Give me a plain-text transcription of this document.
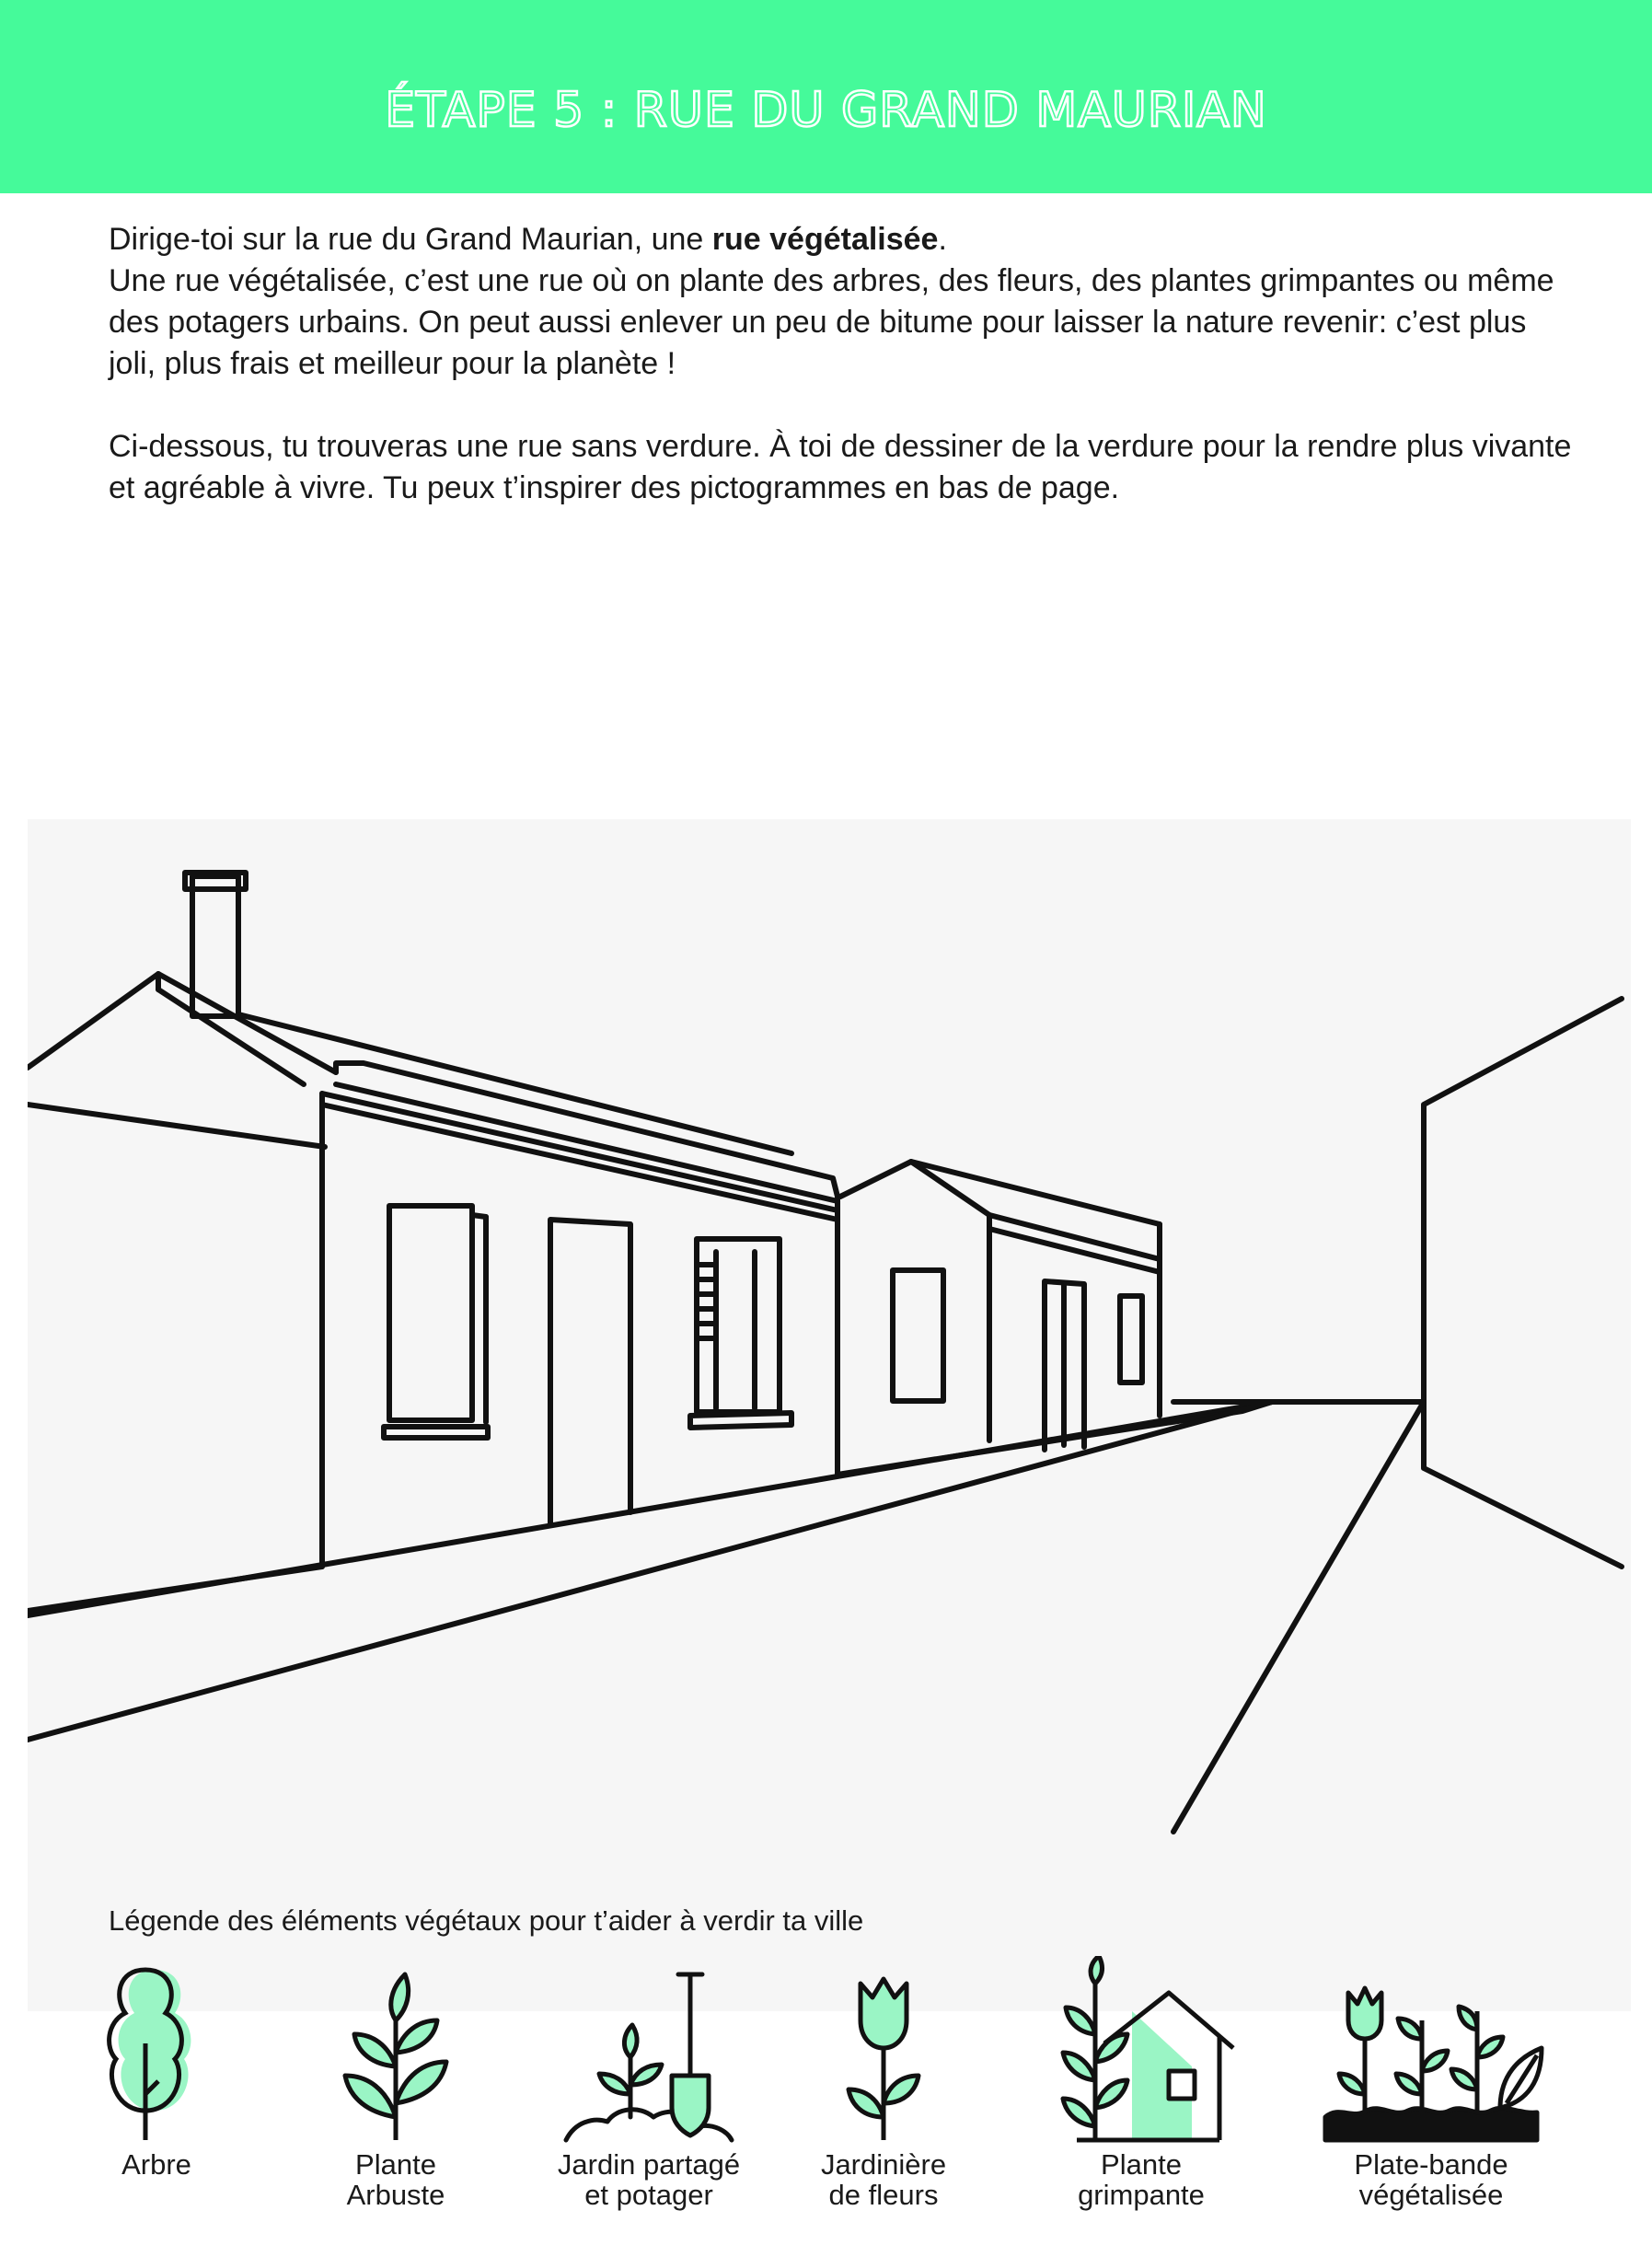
ÉTAPE 5 : RUE DU GRAND MAURIAN

Dirige-toi sur la rue du Grand Maurian, une rue végétalisée.
Une rue végétalisée, c’est une rue où on plante des arbres, des fleurs, des plantes grimpantes ou même des potagers urbains. On peut aussi enlever un peu de bitume pour laisser la nature revenir: c’est plus joli, plus frais et meilleur pour la planète !

Ci-dessous, tu trouveras une rue sans verdure. À toi de dessiner de la verdure pour la rendre plus vivante et agréable à vivre. Tu peux t’inspirer des pictogrammes en bas de page.

Légende des éléments végétaux pour t’aider à verdir ta ville
Arbre	Plante
Arbuste
Jardin partagé
et potager
Jardinière
de fleurs
Plante
grimpante
Plate-bande
végétalisée
